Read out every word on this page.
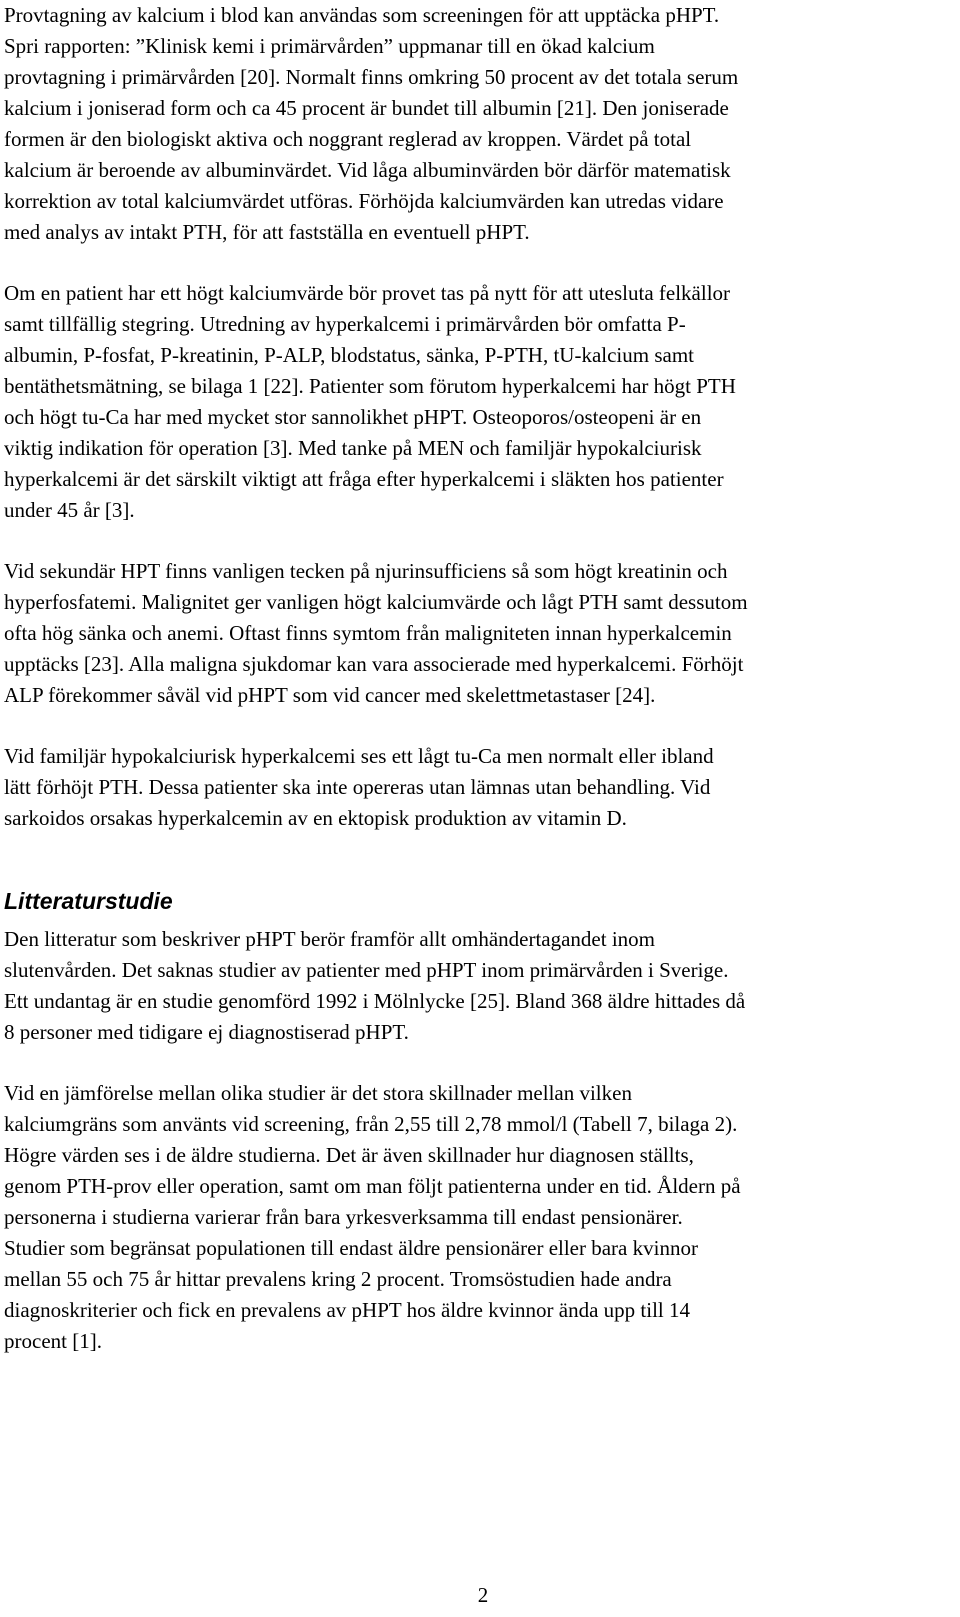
Provtagning av kalcium i blod kan användas som screeningen för att upptäcka pHPT.
Spri rapporten: ”Klinisk kemi i primärvården” uppmanar till en ökad kalcium
provtagning i primärvården [20]. Normalt finns omkring 50 procent av det totala serum
kalcium i joniserad form och ca 45 procent är bundet till albumin [21]. Den joniserade
formen är den biologiskt aktiva och noggrant reglerad av kroppen. Värdet på total
kalcium är beroende av albuminvärdet. Vid låga albuminvärden bör därför matematisk
korrektion av total kalciumvärdet utföras. Förhöjda kalciumvärden kan utredas vidare
med analys av intakt PTH, för att fastställa en eventuell pHPT.

Om en patient har ett högt kalciumvärde bör provet tas på nytt för att utesluta felkällor
samt tillfällig stegring. Utredning av hyperkalcemi i primärvården bör omfatta P-
albumin, P-fosfat, P-kreatinin, P-ALP, blodstatus, sänka, P-PTH, tU-kalcium samt
bentäthetsmätning, se bilaga 1 [22]. Patienter som förutom hyperkalcemi har högt PTH
och högt tu-Ca har med mycket stor sannolikhet pHPT. Osteoporos/osteopeni är en
viktig indikation för operation [3]. Med tanke på MEN och familjär hypokalciurisk
hyperkalcemi är det särskilt viktigt att fråga efter hyperkalcemi i släkten hos patienter
under 45 år [3].

Vid sekundär HPT finns vanligen tecken på njurinsufficiens så som högt kreatinin och
hyperfosfatemi. Malignitet ger vanligen högt kalciumvärde och lågt PTH samt dessutom
ofta hög sänka och anemi. Oftast finns symtom från maligniteten innan hyperkalcemin
upptäcks [23]. Alla maligna sjukdomar kan vara associerade med hyperkalcemi. Förhöjt
ALP förekommer såväl vid pHPT som vid cancer med skelettmetastaser [24].

Vid familjär hypokalciurisk hyperkalcemi ses ett lågt tu-Ca men normalt eller ibland
lätt förhöjt PTH. Dessa patienter ska inte opereras utan lämnas utan behandling. Vid
sarkoidos orsakas hyperkalcemin av en ektopisk produktion av vitamin D.

Litteraturstudie

Den litteratur som beskriver pHPT berör framför allt omhändertagandet inom
slutenvården. Det saknas studier av patienter med pHPT inom primärvården i Sverige.
Ett undantag är en studie genomförd 1992 i Mölnlycke [25]. Bland 368 äldre hittades då
8 personer med tidigare ej diagnostiserad pHPT.

Vid en jämförelse mellan olika studier är det stora skillnader mellan vilken
kalciumgräns som använts vid screening, från 2,55 till 2,78 mmol/l (Tabell 7, bilaga 2).
Högre värden ses i de äldre studierna. Det är även skillnader hur diagnosen ställts,
genom PTH-prov eller operation, samt om man följt patienterna under en tid. Åldern på
personerna i studierna varierar från bara yrkesverksamma till endast pensionärer.
Studier som begränsat populationen till endast äldre pensionärer eller bara kvinnor
mellan 55 och 75 år hittar prevalens kring 2 procent. Tromsöstudien hade andra
diagnoskriterier och fick en prevalens av pHPT hos äldre kvinnor ända upp till 14
procent [1].

2
